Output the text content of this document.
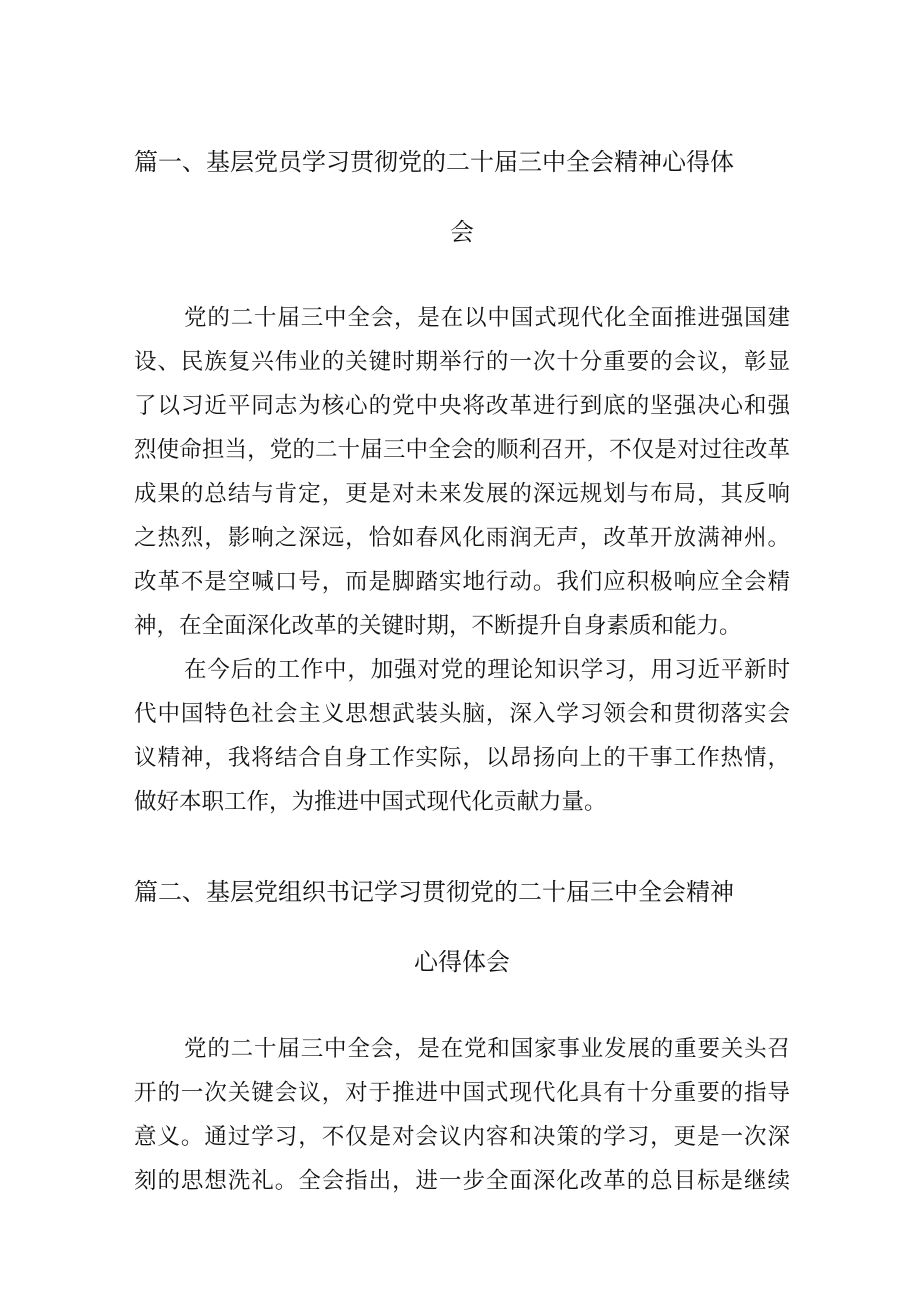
篇一、基层党员学习贯彻党的二十届三中全会精神心得体
会
党的二十届三中全会，是在以中国式现代化全面推进强国建
设、民族复兴伟业的关键时期举行的一次十分重要的会议，彰显
了以习近平同志为核心的党中央将改革进行到底的坚强决心和强
烈使命担当，党的二十届三中全会的顺利召开，不仅是对过往改革
成果的总结与肯定，更是对未来发展的深远规划与布局，其反响
之热烈，影响之深远，恰如春风化雨润无声，改革开放满神州。
改革不是空喊口号，而是脚踏实地行动。我们应积极响应全会精
神，在全面深化改革的关键时期，不断提升自身素质和能力。
在今后的工作中，加强对党的理论知识学习，用习近平新时
代中国特色社会主义思想武装头脑，深入学习领会和贯彻落实会
议精神，我将结合自身工作实际，以昂扬向上的干事工作热情，
做好本职工作，为推进中国式现代化贡献力量。
篇二、基层党组织书记学习贯彻党的二十届三中全会精神
心得体会
党的二十届三中全会，是在党和国家事业发展的重要关头召
开的一次关键会议，对于推进中国式现代化具有十分重要的指导
意义。通过学习，不仅是对会议内容和决策的学习，更是一次深
刻的思想洗礼。全会指出，进一步全面深化改革的总目标是继续
